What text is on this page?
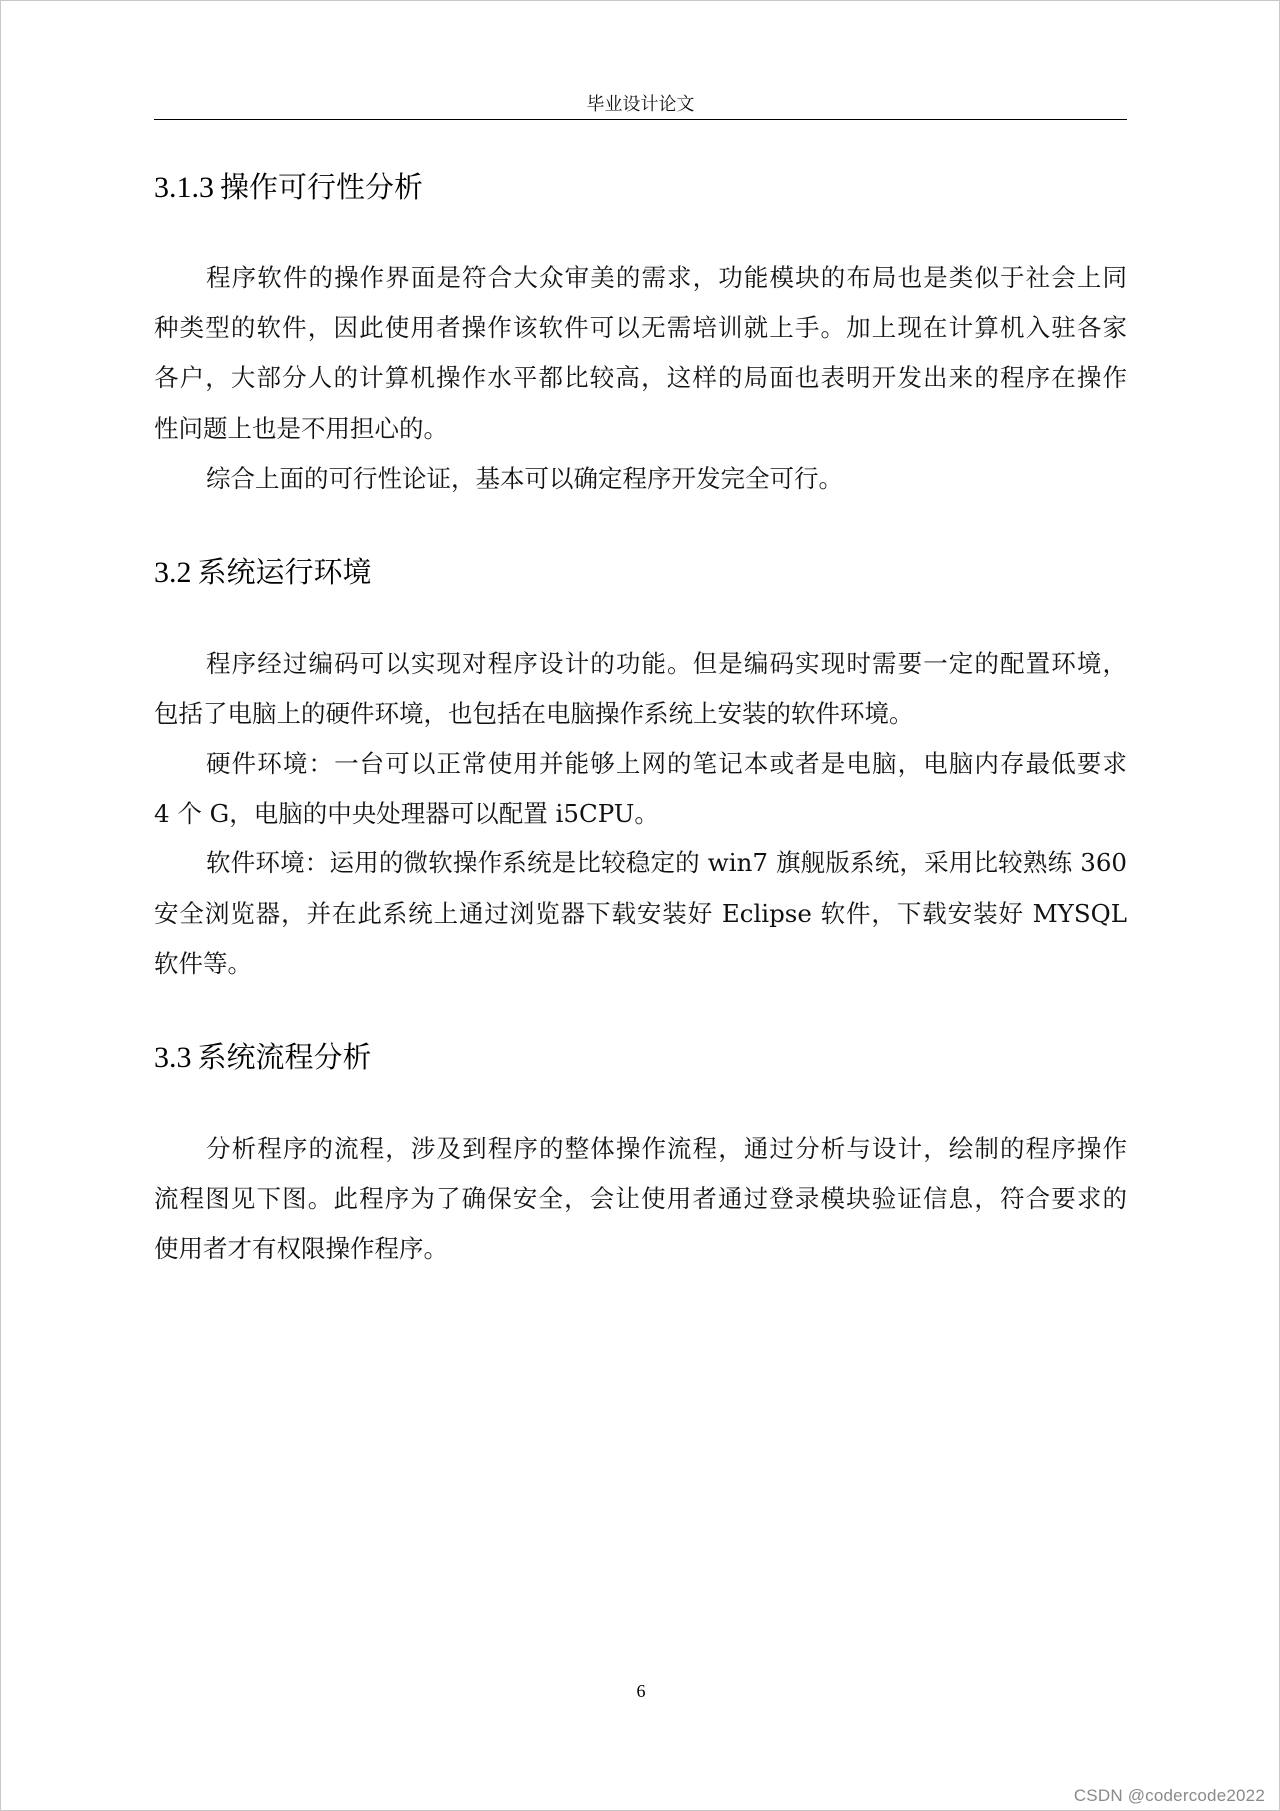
毕业设计论文
3.1.3 操作可行性分析
程序软件的操作界面是符合大众审美的需求，功能模块的布局也是类似于社会上同
种类型的软件，因此使用者操作该软件可以无需培训就上手。加上现在计算机入驻各家
各户，大部分人的计算机操作水平都比较高，这样的局面也表明开发出来的程序在操作
性问题上也是不用担心的。
综合上面的可行性论证，基本可以确定程序开发完全可行。
3.2 系统运行环境
程序经过编码可以实现对程序设计的功能。但是编码实现时需要一定的配置环境，
包括了电脑上的硬件环境，也包括在电脑操作系统上安装的软件环境。
硬件环境：一台可以正常使用并能够上网的笔记本或者是电脑，电脑内存最低要求
4 个 G，电脑的中央处理器可以配置 i5CPU。
软件环境：运用的微软操作系统是比较稳定的 win7 旗舰版系统，采用比较熟练 360
安全浏览器，并在此系统上通过浏览器下载安装好 Eclipse 软件，下载安装好 MYSQL
软件等。
3.3 系统流程分析
分析程序的流程，涉及到程序的整体操作流程，通过分析与设计，绘制的程序操作
流程图见下图。此程序为了确保安全，会让使用者通过登录模块验证信息，符合要求的
使用者才有权限操作程序。
6
CSDN @codercode2022
